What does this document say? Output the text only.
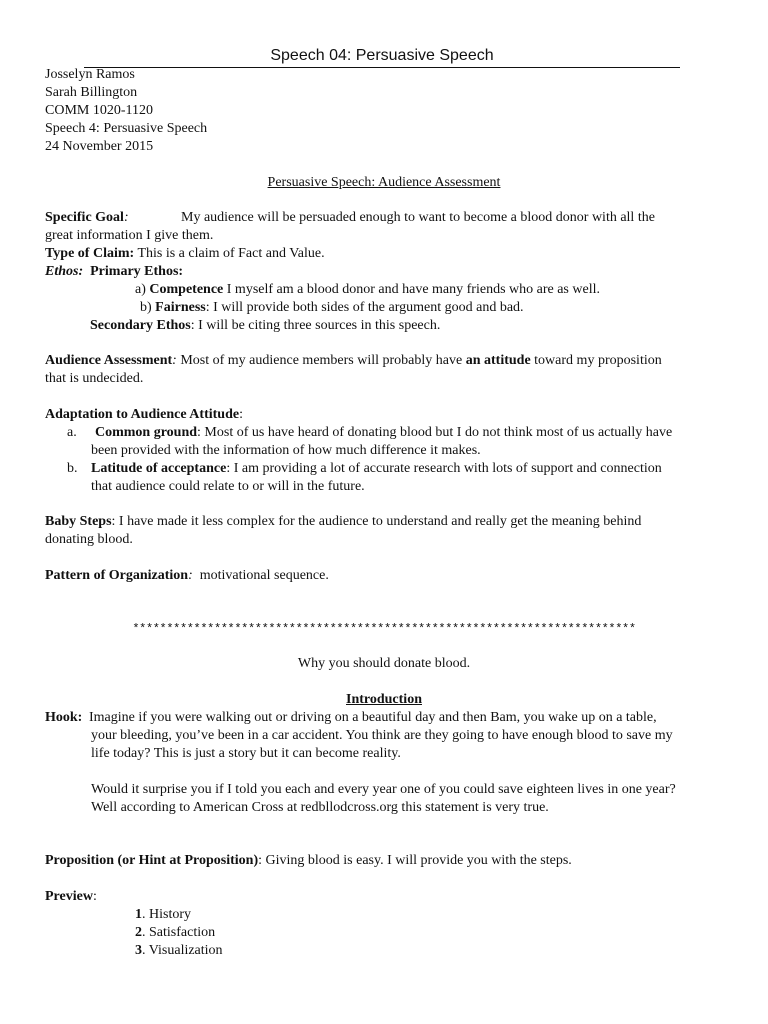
Speech 04: Persuasive Speech
Josselyn Ramos
Sarah Billington
COMM 1020-1120
Speech 4: Persuasive Speech
24 November 2015
Persuasive Speech: Audience Assessment
Specific Goal:	My audience will be persuaded enough to want to become a blood donor with all the
great information I give them.
Type of Claim: This is a claim of Fact and Value.
Ethos: Primary Ethos:
a) Competence I myself am a blood donor and have many friends who are as well.
b) Fairness: I will provide both sides of the argument good and bad.
Secondary Ethos: I will be citing three sources in this speech.
Audience Assessment: Most of my audience members will probably have an attitude toward my proposition
that is undecided.
Adaptation to Audience Attitude:
a. Common ground: Most of us have heard of donating blood but I do not think most of us actually have
been provided with the information of how much difference it makes.
b. Latitude of acceptance: I am providing a lot of accurate research with lots of support and connection
that audience could relate to or will in the future.
Baby Steps: I have made it less complex for the audience to understand and really get the meaning behind
donating blood.
Pattern of Organization: motivational sequence.
**************************************************************************
Why you should donate blood.
Introduction
Hook: Imagine if you were walking out or driving on a beautiful day and then Bam, you wake up on a table,
your bleeding, you’ve been in a car accident. You think are they going to have enough blood to save my
life today? This is just a story but it can become reality.
Would it surprise you if I told you each and every year one of you could save eighteen lives in one year?
Well according to American Cross at redbllodcross.org this statement is very true.
Proposition (or Hint at Proposition): Giving blood is easy. I will provide you with the steps.
Preview:
1. History
2. Satisfaction
3. Visualization
